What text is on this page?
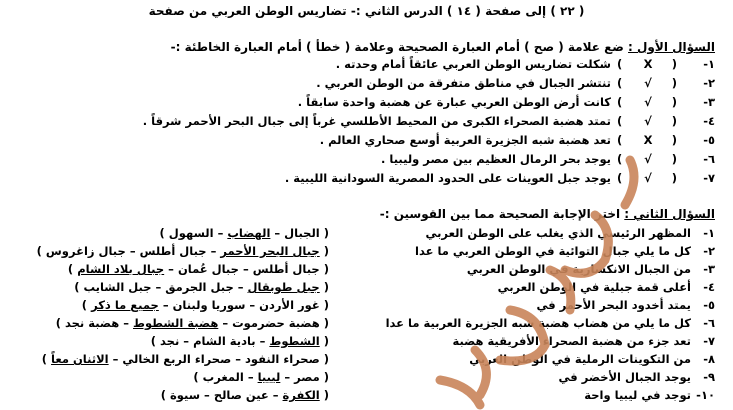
الدرس الثاني :- تضاريس الوطن العربي من صفحة ( ١٤ ) إلى صفحة ( ٢٢ )
السؤال الأول : ضع علامة ( صح ) أمام العبارة الصحيحة وعلامة ( خطأ ) أمام العبارة الخاطئة :-
١-
( X )
شكلت تضاريس الوطن العربي عائقاً أمام وحدته .
٢-
( √ )
تنتشر الجبال في مناطق متفرقة من الوطن العربي .
٣-
( √ )
كانت أرض الوطن العربي عبارة عن هضبة واحدة سابقاً .
٤-
( √ )
تمتد هضبة الصحراء الكبرى من المحيط الأطلسي غرباً إلى جبال البحر الأحمر شرقاً .
٥-
( X )
تعد هضبة شبه الجزيرة العربية أوسع صحاري العالم .
٦-
( √ )
يوجد بحر الرمال العظيم بين مصر وليبيا .
٧-
( √ )
يوجد جبل العوينات على الحدود المصرية السودانية الليبية .
السؤال الثاني : اختر الإجابة الصحيحة مما بين القوسين :-
١-
المظهر الرئيسي الذي يغلب على الوطن العربي
( الجبال – الهضاب – السهول )
٢-
كل ما يلي جبال التوائية في الوطن العربي ما عدا
( جبال البحر الأحمر – جبال أطلس – جبال زاغروس )
٣-
من الجبال الانكسارية في الوطن العربي
( جبال أطلس – جبال عُمان – جبال بلاد الشام )
٤-
أعلى قمة جبلية في الوطن العربي
( جبل طوبقال – جبل الجرمق – جبل الشايب )
٥-
يمتد أخدود البحر الأحمر في
( غور الأردن – سوريا ولبنان – جميع ما ذكر )
٦-
كل ما يلي من هضاب هضبة شبه الجزيرة العربية ما عدا
( هضبة حضرموت – هضبة الشطوط – هضبة نجد )
٧-
تعد جزء من هضبة الصحراء الأفريقية هضبة
( الشطوط – بادية الشام – نجد )
٨-
من التكوينات الرملية في الوطن العربي
( صحراء النفود – صحراء الربع الخالي – الاثنان معاً )
٩-
يوجد الجبال الأخضر في
( مصر – ليبيا – المغرب )
١٠-
توجد في ليبيا واحة
( الكفرة – عين صالح – سيوة )
